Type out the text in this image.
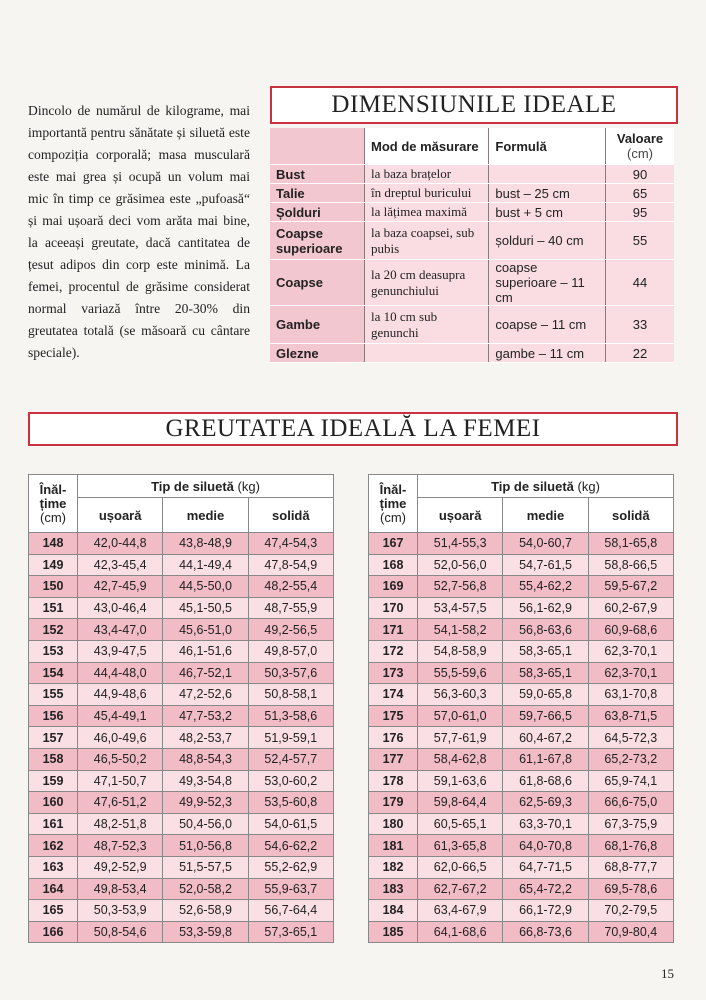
Dincolo de numărul de kilograme, mai importantă pentru sănătate și siluetă este compoziția corporală; masa musculară este mai grea și ocupă un volum mai mic în timp ce grăsimea este „pufoasă“ și mai ușoară deci vom arăta mai bine, la aceeași greutate, dacă cantitatea de țesut adipos din corp este minimă. La femei, procentul de grăsime considerat normal variază între 20-30% din greutatea totală (se măsoară cu cântare speciale).

DIMENSIUNILE IDEALE
	Mod de măsurare	Formulă	Valoare
(cm)
Bust	la baza brațelor		90
Talie	în dreptul buricului	bust – 25 cm	65
Șolduri	la lățimea maximă	bust + 5 cm	95
Coapse superioare	la baza coapsei, sub pubis	șolduri – 40 cm	55
Coapse	la 20 cm deasupra genunchiului	coapse superioare – 11 cm	44
Gambe	la 10 cm sub genunchi	coapse – 11 cm	33
Glezne		gambe – 11 cm	22
GREUTATEA IDEALĂ LA FEMEI
Înăl-țime
(cm)	Tip de siluetă (kg)		
	ușoară	medie	solidă
148	42,0-44,8	43,8-48,9	47,4-54,3
149	42,3-45,4	44,1-49,4	47,8-54,9
150	42,7-45,9	44,5-50,0	48,2-55,4
151	43,0-46,4	45,1-50,5	48,7-55,9
152	43,4-47,0	45,6-51,0	49,2-56,5
153	43,9-47,5	46,1-51,6	49,8-57,0
154	44,4-48,0	46,7-52,1	50,3-57,6
155	44,9-48,6	47,2-52,6	50,8-58,1
156	45,4-49,1	47,7-53,2	51,3-58,6
157	46,0-49,6	48,2-53,7	51,9-59,1
158	46,5-50,2	48,8-54,3	52,4-57,7
159	47,1-50,7	49,3-54,8	53,0-60,2
160	47,6-51,2	49,9-52,3	53,5-60,8
161	48,2-51,8	50,4-56,0	54,0-61,5
162	48,7-52,3	51,0-56,8	54,6-62,2
163	49,2-52,9	51,5-57,5	55,2-62,9
164	49,8-53,4	52,0-58,2	55,9-63,7
165	50,3-53,9	52,6-58,9	56,7-64,4
166	50,8-54,6	53,3-59,8	57,3-65,1
Înăl-țime
(cm)	Tip de siluetă (kg)		
	ușoară	medie	solidă
167	51,4-55,3	54,0-60,7	58,1-65,8
168	52,0-56,0	54,7-61,5	58,8-66,5
169	52,7-56,8	55,4-62,2	59,5-67,2
170	53,4-57,5	56,1-62,9	60,2-67,9
171	54,1-58,2	56,8-63,6	60,9-68,6
172	54,8-58,9	58,3-65,1	62,3-70,1
173	55,5-59,6	58,3-65,1	62,3-70,1
174	56,3-60,3	59,0-65,8	63,1-70,8
175	57,0-61,0	59,7-66,5	63,8-71,5
176	57,7-61,9	60,4-67,2	64,5-72,3
177	58,4-62,8	61,1-67,8	65,2-73,2
178	59,1-63,6	61,8-68,6	65,9-74,1
179	59,8-64,4	62,5-69,3	66,6-75,0
180	60,5-65,1	63,3-70,1	67,3-75,9
181	61,3-65,8	64,0-70,8	68,1-76,8
182	62,0-66,5	64,7-71,5	68,8-77,7
183	62,7-67,2	65,4-72,2	69,5-78,6
184	63,4-67,9	66,1-72,9	70,2-79,5
185	64,1-68,6	66,8-73,6	70,9-80,4
15
